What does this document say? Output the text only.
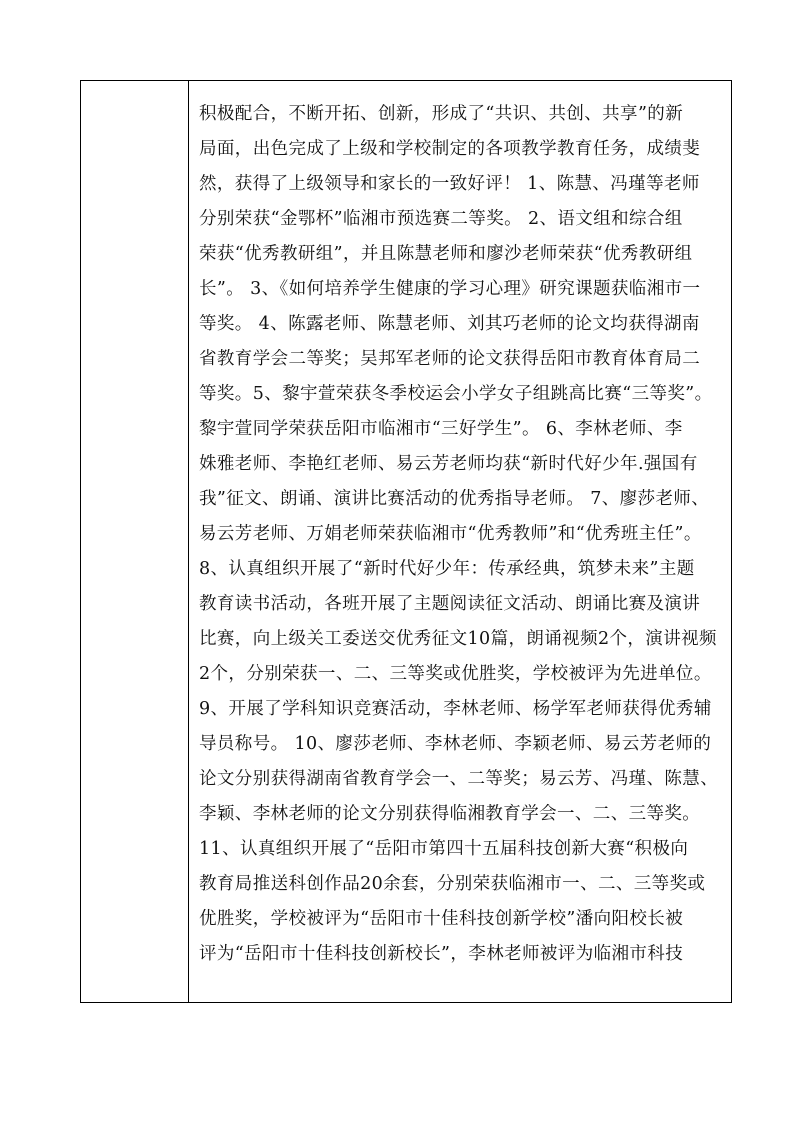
积极配合，不断开拓、创新，形成了“共识、共创、共享”的新
局面，出色完成了上级和学校制定的各项教学教育任务，成绩斐
然，获得了上级领导和家长的一致好评！ 1、陈慧、冯瑾等老师
分别荣获“金鄂杯”临湘市预选赛二等奖。 2、语文组和综合组
荣获“优秀教研组”，并且陈慧老师和廖沙老师荣获“优秀教研组
长”。 3、《如何培养学生健康的学习心理》研究课题获临湘市一
等奖。 4、陈露老师、陈慧老师、刘其巧老师的论文均获得湖南
省教育学会二等奖；吴邦军老师的论文获得岳阳市教育体育局二
等奖。5、黎宇萱荣获冬季校运会小学女子组跳高比赛“三等奖”。
黎宇萱同学荣获岳阳市临湘市“三好学生”。 6、李林老师、李
姝雅老师、李艳红老师、易云芳老师均获“新时代好少年.强国有
我”征文、朗诵、演讲比赛活动的优秀指导老师。 7、廖莎老师、
易云芳老师、万娟老师荣获临湘市“优秀教师”和“优秀班主任”。
8、认真组织开展了“新时代好少年：传承经典，筑梦未来”主题
教育读书活动，各班开展了主题阅读征文活动、朗诵比赛及演讲
比赛，向上级关工委送交优秀征文10篇，朗诵视频2个，演讲视频
2个，分别荣获一、二、三等奖或优胜奖，学校被评为先进单位。
9、开展了学科知识竞赛活动，李林老师、杨学军老师获得优秀辅
导员称号。 10、廖莎老师、李林老师、李颖老师、易云芳老师的
论文分别获得湖南省教育学会一、二等奖；易云芳、冯瑾、陈慧、
李颖、李林老师的论文分别获得临湘教育学会一、二、三等奖。
11、认真组织开展了“岳阳市第四十五届科技创新大赛“积极向
教育局推送科创作品20余套，分别荣获临湘市一、二、三等奖或
优胜奖，学校被评为“岳阳市十佳科技创新学校”潘向阳校长被
评为“岳阳市十佳科技创新校长”，李林老师被评为临湘市科技
